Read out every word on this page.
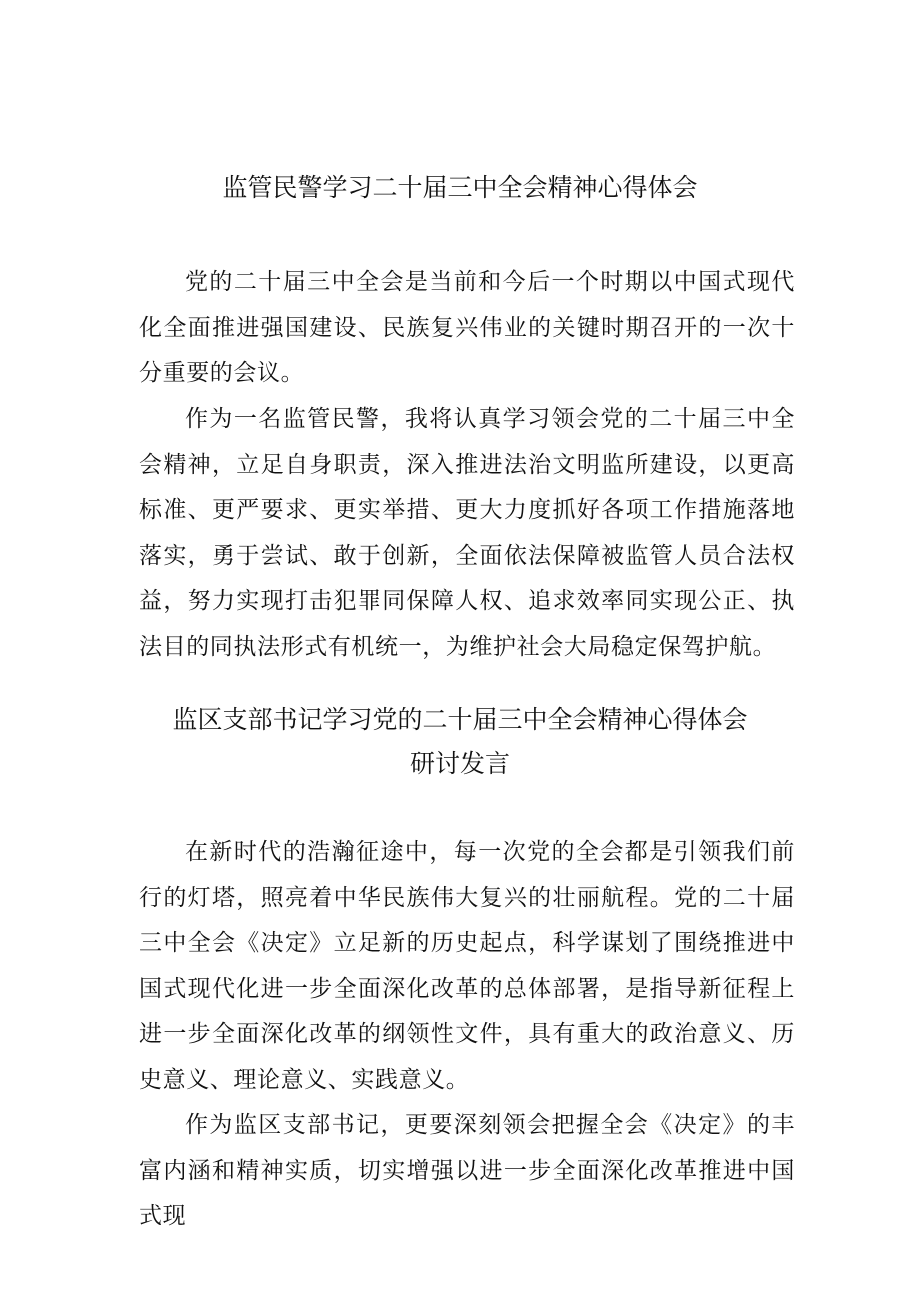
监管民警学习二十届三中全会精神心得体会

党的二十届三中全会是当前和今后一个时期以中国式现代化全面推进强国建设、民族复兴伟业的关键时期召开的一次十分重要的会议。

作为一名监管民警，我将认真学习领会党的二十届三中全会精神，立足自身职责，深入推进法治文明监所建设，以更高标准、更严要求、更实举措、更大力度抓好各项工作措施落地落实，勇于尝试、敢于创新，全面依法保障被监管人员合法权益，努力实现打击犯罪同保障人权、追求效率同实现公正、执法目的同执法形式有机统一，为维护社会大局稳定保驾护航。

监区支部书记学习党的二十届三中全会精神心得体会
研讨发言

在新时代的浩瀚征途中，每一次党的全会都是引领我们前行的灯塔，照亮着中华民族伟大复兴的壮丽航程。党的二十届三中全会《决定》立足新的历史起点，科学谋划了围绕推进中国式现代化进一步全面深化改革的总体部署，是指导新征程上进一步全面深化改革的纲领性文件，具有重大的政治意义、历史意义、理论意义、实践意义。

作为监区支部书记，更要深刻领会把握全会《决定》的丰富内涵和精神实质，切实增强以进一步全面深化改革推进中国式现
